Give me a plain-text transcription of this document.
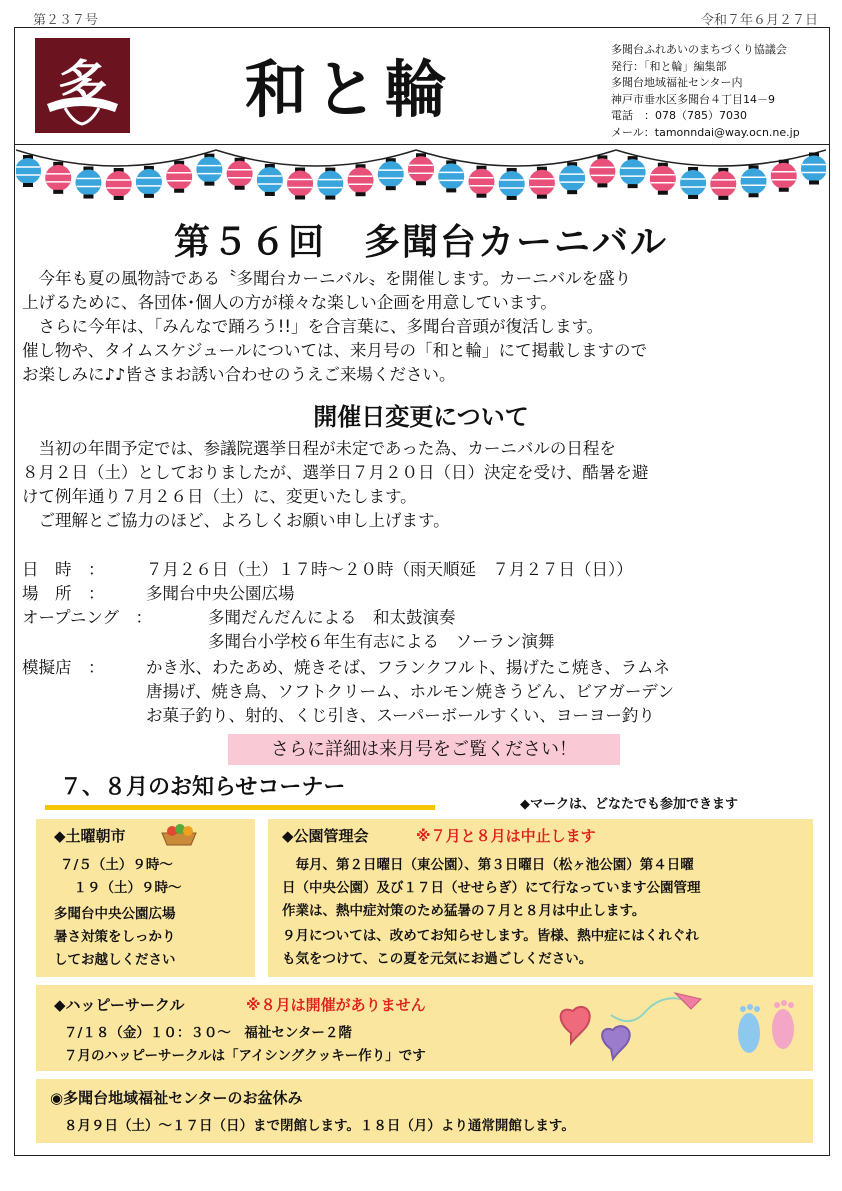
第２３７号	令和７年６月２７日
多	和と輪
多聞台ふれあいのまちづくり協議会
発行：「和と輪」編集部
多聞台地域福祉センター内
神戸市垂水区多聞台４丁目14－9
電話　：078（785）7030
メール：tamonndai@way.ocn.ne.jp
第５６回　多聞台カーニバル
　今年も夏の風物詩である〝多聞台カーニバル〟を開催します。カーニバルを盛り
上げるために、各団体･個人の方が様々な楽しい企画を用意しています。
　さらに今年は、「みんなで踊ろう!!」を合言葉に、多聞台音頭が復活します。
催し物や、タイムスケジュールについては、来月号の「和と輪」にて掲載しますので
お楽しみに♪♪皆さまお誘い合わせのうえご来場ください。
開催日変更について
　当初の年間予定では、参議院選挙日程が未定であった為、カーニバルの日程を
８月２日（土）としておりましたが、選挙日７月２０日（日）決定を受け、酷暑を避
けて例年通り７月２６日（土）に、変更いたします。
　ご理解とご協力のほど、よろしくお願い申し上げます。
日　時　：	７月２６日（土）１７時～２０時（雨天順延　７月２７日（日））
場　所　：	多聞台中央公園広場
オープニング　：	多聞だんだんによる　和太鼓演奏
多聞台小学校６年生有志による　ソーラン演舞
模擬店　：	かき氷、わたあめ、焼きそば、フランクフルト、揚げたこ焼き、ラムネ
唐揚げ、焼き鳥、ソフトクリーム、ホルモン焼きうどん、ビアガーデン
お菓子釣り、射的、くじ引き、スーパーボールすくい、ヨーヨー釣り
さらに詳細は来月号をご覧ください！
７、８月のお知らせコーナー
◆マークは、どなたでも参加できます
◆土曜朝市
７/５（土）９時～
　１９（土）９時～
多聞台中央公園広場
暑さ対策をしっかり
してお越しください
◆公園管理会	※７月と８月は中止します
　毎月、第２日曜日（東公園）、第３日曜日（松ヶ池公園）第４日曜
日（中央公園）及び１７日（せせらぎ）にて行なっています公園管理
作業は、熱中症対策のため猛暑の７月と８月は中止します。
９月については、改めてお知らせします。皆様、熱中症にはくれぐれ
も気をつけて、この夏を元気にお過ごしください。
◆ハッピーサークル	※８月は開催がありません
７/１８（金）１０：３０～　福祉センター２階
７月のハッピーサークルは「アイシングクッキー作り」です
◉多聞台地域福祉センターのお盆休み
８月９日（土）～１７日（日）まで閉館します。１８日（月）より通常開館します。
